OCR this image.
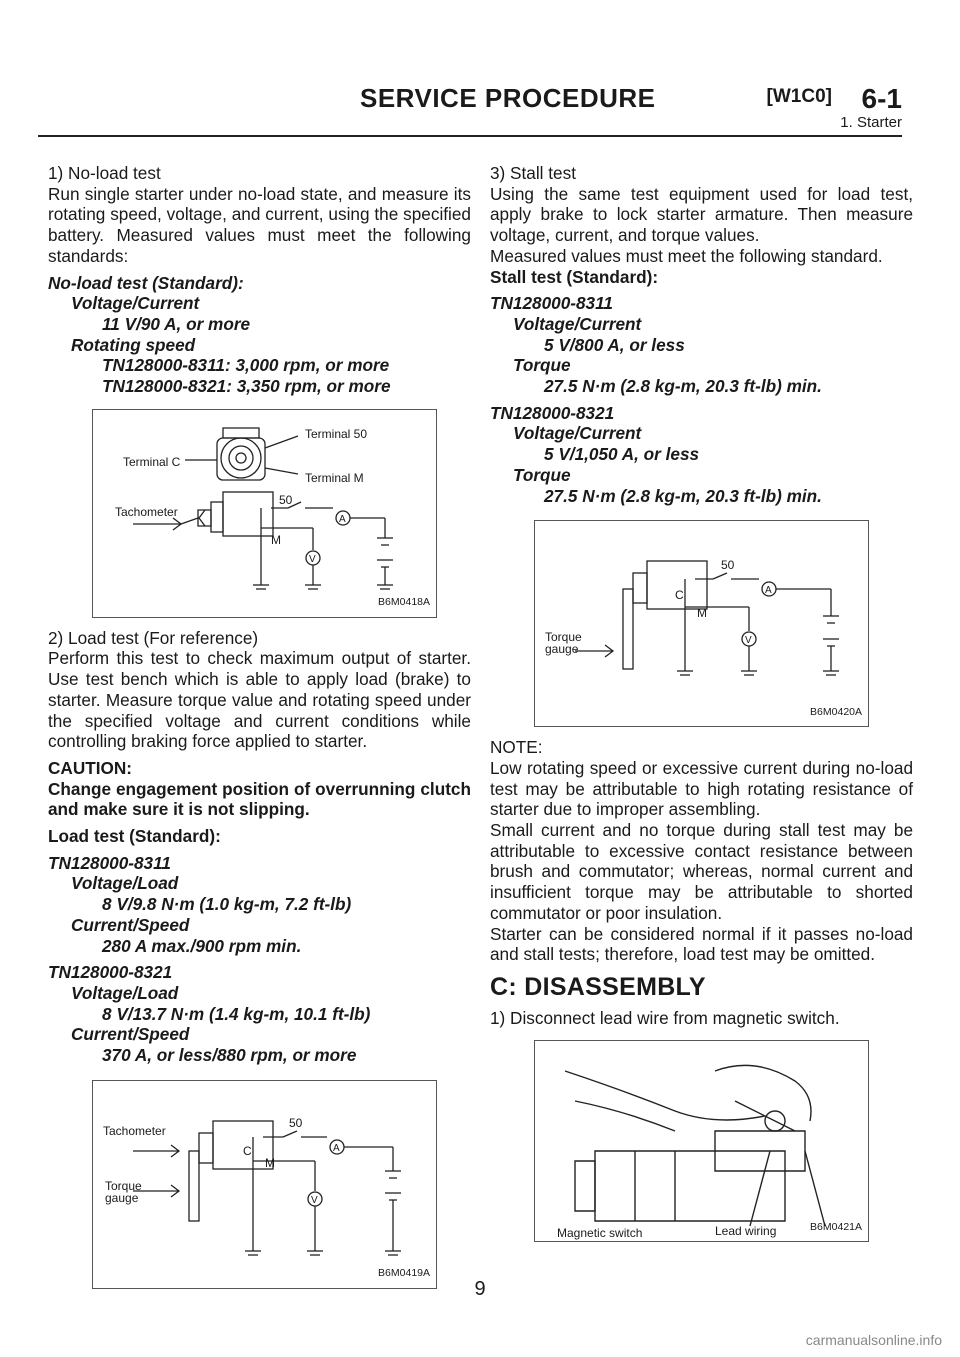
SERVICE PROCEDURE	[W1C0] 6-1
1. Starter

1) No-load test

Run single starter under no-load state, and measure its rotating speed, voltage, and current, using the specified battery. Measured values must meet the following standards:

No-load test (Standard):

Voltage/Current

11 V/90 A, or more

Rotating speed

TN128000-8311: 3,000 rpm, or more

TN128000-8321: 3,350 rpm, or more

Terminal 50
Terminal C
Terminal M
Tachometer
50
M
A
V
B6M0418A

2) Load test (For reference)

Perform this test to check maximum output of starter. Use test bench which is able to apply load (brake) to starter. Measure torque value and rotating speed under the specified voltage and current conditions while controlling braking force applied to starter.

CAUTION:

Change engagement position of overrunning clutch and make sure it is not slipping.

Load test (Standard):

TN128000-8311

Voltage/Load

8 V/9.8 N·m (1.0 kg-m, 7.2 ft-lb)

Current/Speed

280 A max./900 rpm min.

TN128000-8321

Voltage/Load

8 V/13.7 N·m (1.4 kg-m, 10.1 ft-lb)

Current/Speed

370 A, or less/880 rpm, or more

Tachometer
Torque
gauge
50
C
M
A
V
B6M0419A

3) Stall test

Using the same test equipment used for load test, apply brake to lock starter armature. Then measure voltage, current, and torque values.

Measured values must meet the following standard.

Stall test (Standard):

TN128000-8311

Voltage/Current

5 V/800 A, or less

Torque

27.5 N·m (2.8 kg-m, 20.3 ft-lb) min.

TN128000-8321

Voltage/Current

5 V/1,050 A, or less

Torque

27.5 N·m (2.8 kg-m, 20.3 ft-lb) min.

Torque
gauge
50
C
M
A
V
B6M0420A

NOTE:

Low rotating speed or excessive current during no-load test may be attributable to high rotating resistance of starter due to improper assembling.

Small current and no torque during stall test may be attributable to excessive contact resistance between brush and commutator; whereas, normal current and insufficient torque may be attributable to shorted commutator or poor insulation.

Starter can be considered normal if it passes no-load and stall tests; therefore, load test may be omitted.

C: DISASSEMBLY

1) Disconnect lead wire from magnetic switch.

Magnetic switch	Lead wiring	B6M0421A
9
carmanualsonline.info
